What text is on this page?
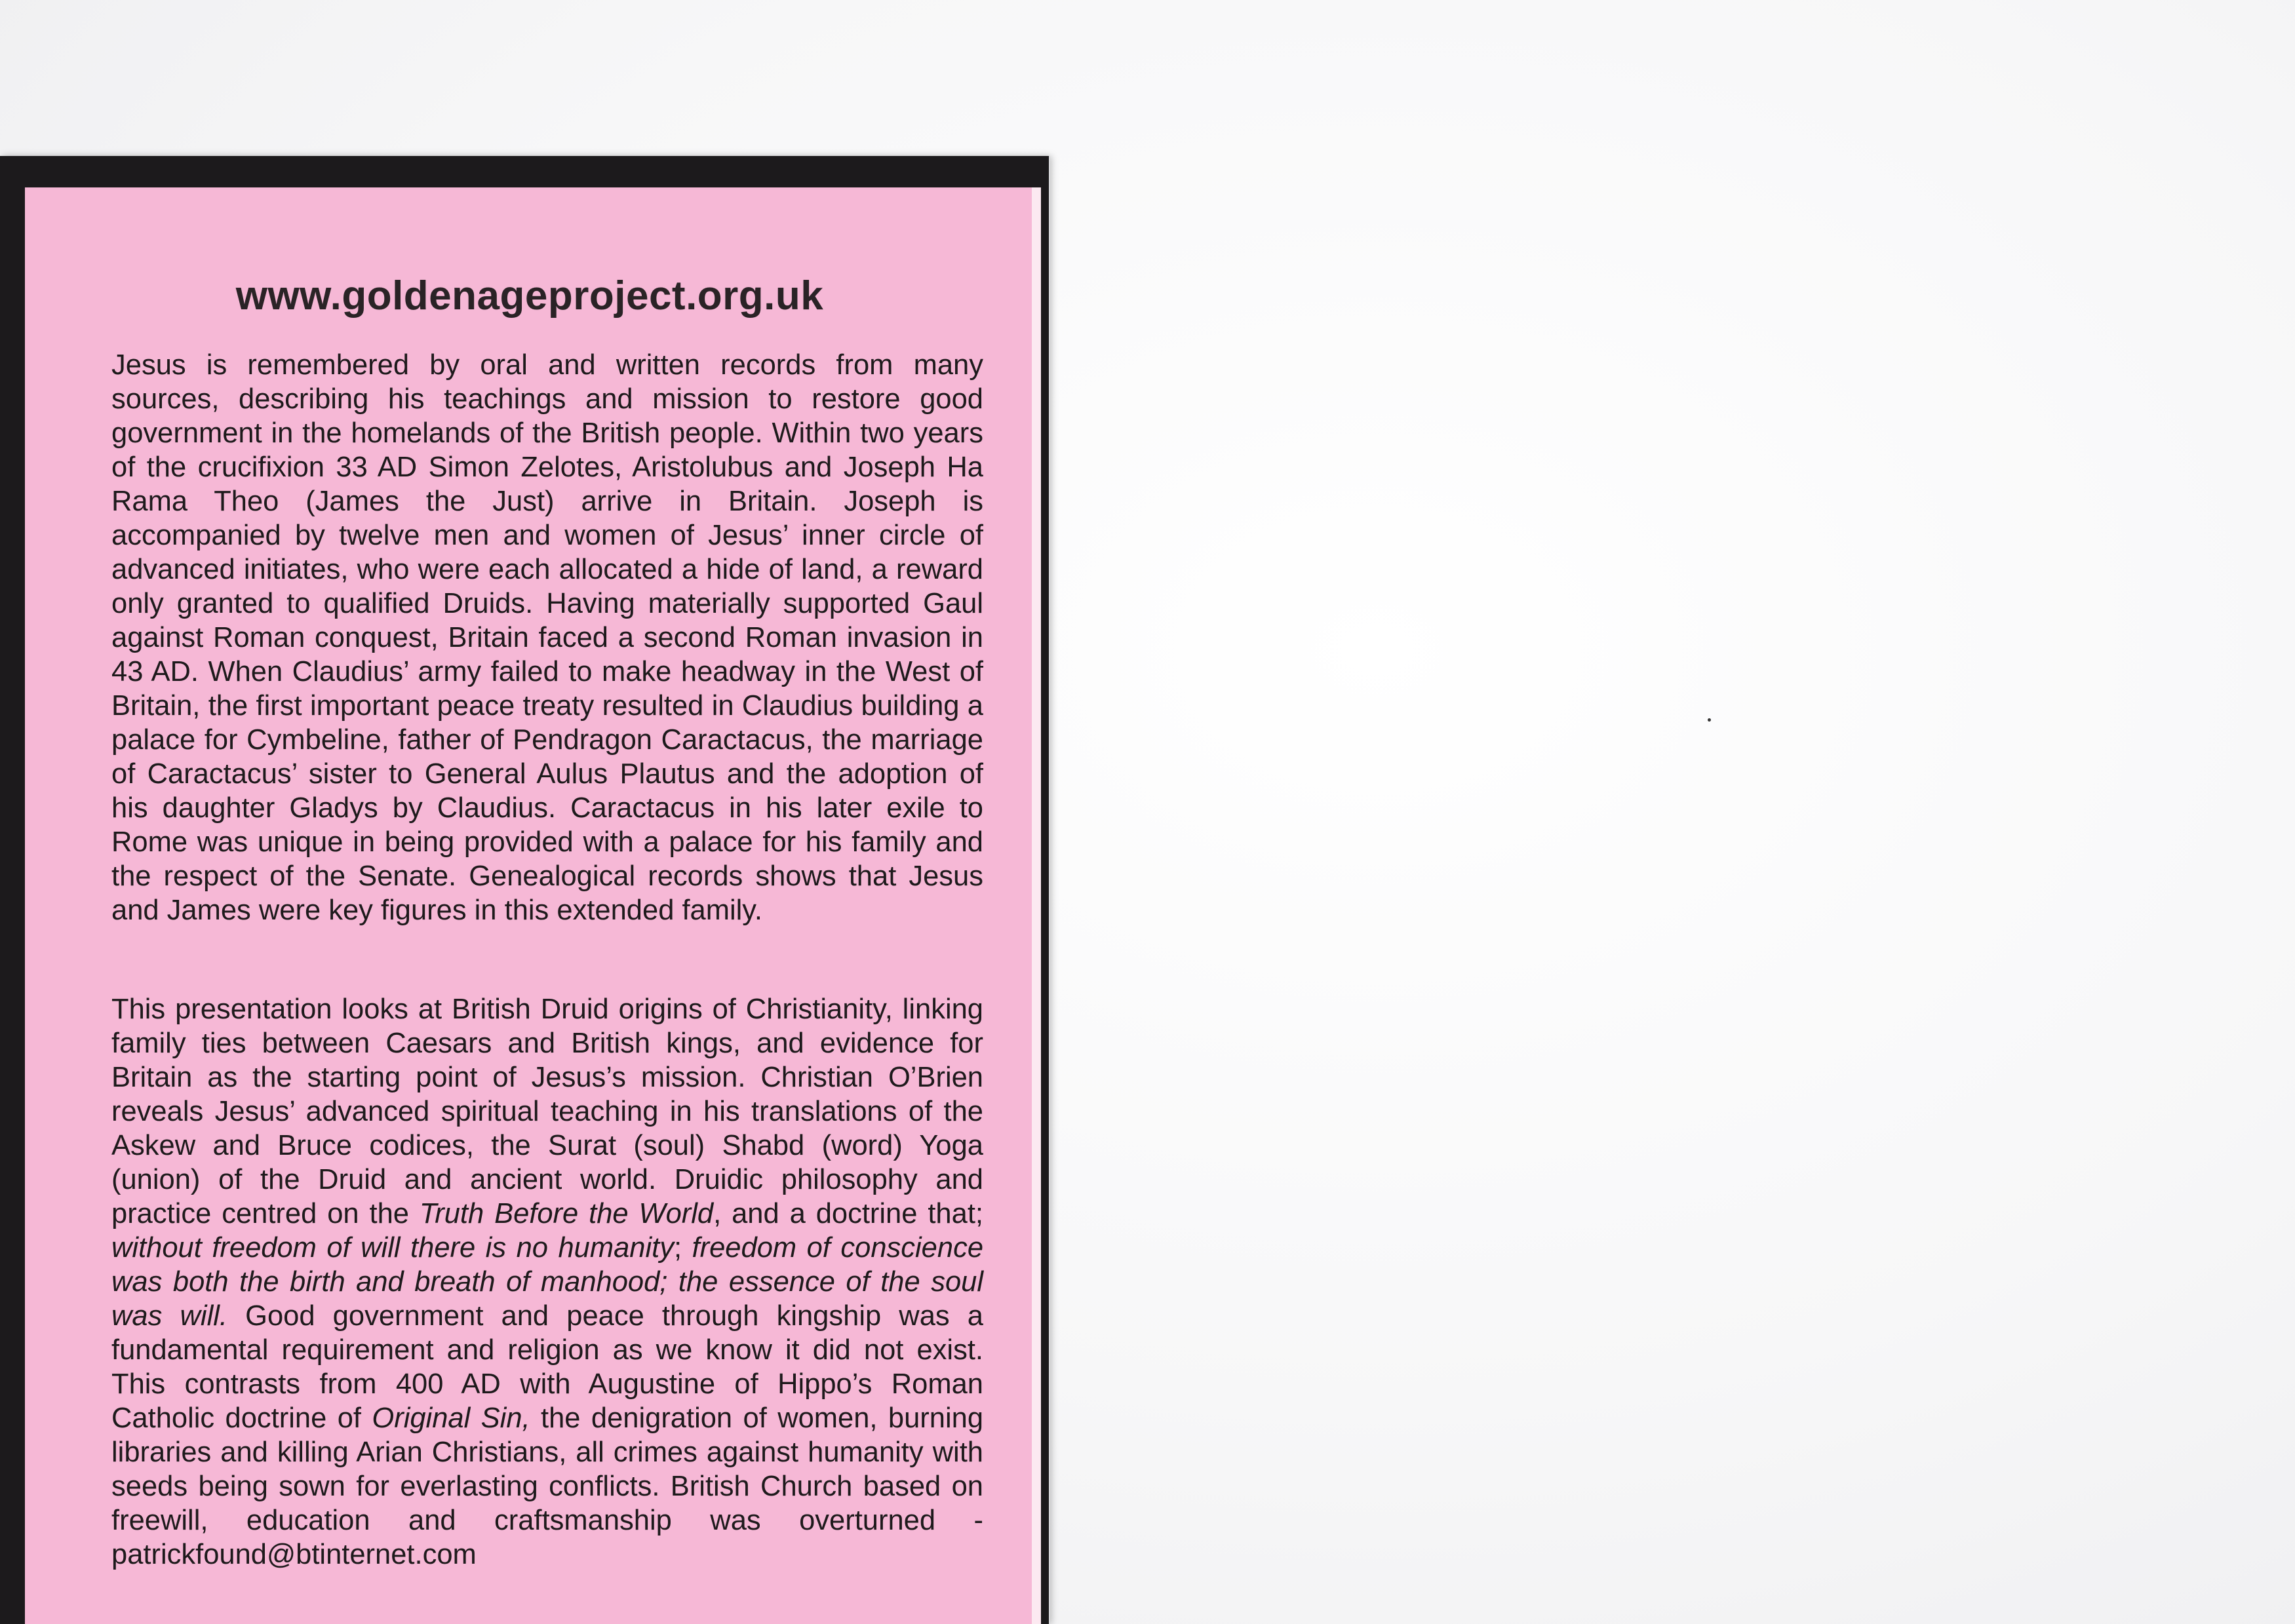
www.goldenageproject.org.uk

Jesus is remembered by oral and written records from many sources, describing his teachings and mission to restore good government in the homelands of the British people. Within two years of the crucifixion 33 AD Simon Zelotes, Aristolubus and Joseph Ha Rama Theo (James the Just) arrive in Britain. Joseph is accompanied by twelve men and women of Jesus’ inner circle of advanced initiates, who were each allocated a hide of land, a reward only granted to qualified Druids. Having materially supported Gaul against Roman conquest, Britain faced a second Roman invasion in 43 AD. When Claudius’ army failed to make headway in the West of Britain, the first important peace treaty resulted in Claudius building a palace for Cymbeline, father of Pendragon Caractacus, the marriage of Caractacus’ sister to General Aulus Plautus and the adoption of his daughter Gladys by Claudius. Caractacus in his later exile to Rome was unique in being provided with a palace for his family and the respect of the Senate. Genealogical records shows that Jesus and James were key figures in this extended family.

This presentation looks at British Druid origins of Christianity, linking family ties between Caesars and British kings, and evidence for Britain as the starting point of Jesus’s mission. Christian O’Brien reveals Jesus’ advanced spiritual teaching in his translations of the Askew and Bruce codices, the Surat (soul) Shabd (word) Yoga (union) of the Druid and ancient world. Druidic philosophy and practice centred on the Truth Before the World, and a doctrine that; without freedom of will there is no humanity; freedom of conscience was both the birth and breath of manhood; the essence of the soul was will. Good government and peace through kingship was a fundamental requirement and religion as we know it did not exist. This contrasts from 400 AD with Augustine of Hippo’s Roman Catholic doctrine of Original Sin, the denigration of women, burning libraries and killing Arian Christians, all crimes against humanity with seeds being sown for everlasting conflicts. British Church based on freewill, education and craftsmanship was overturned - patrickfound@btinternet.com
